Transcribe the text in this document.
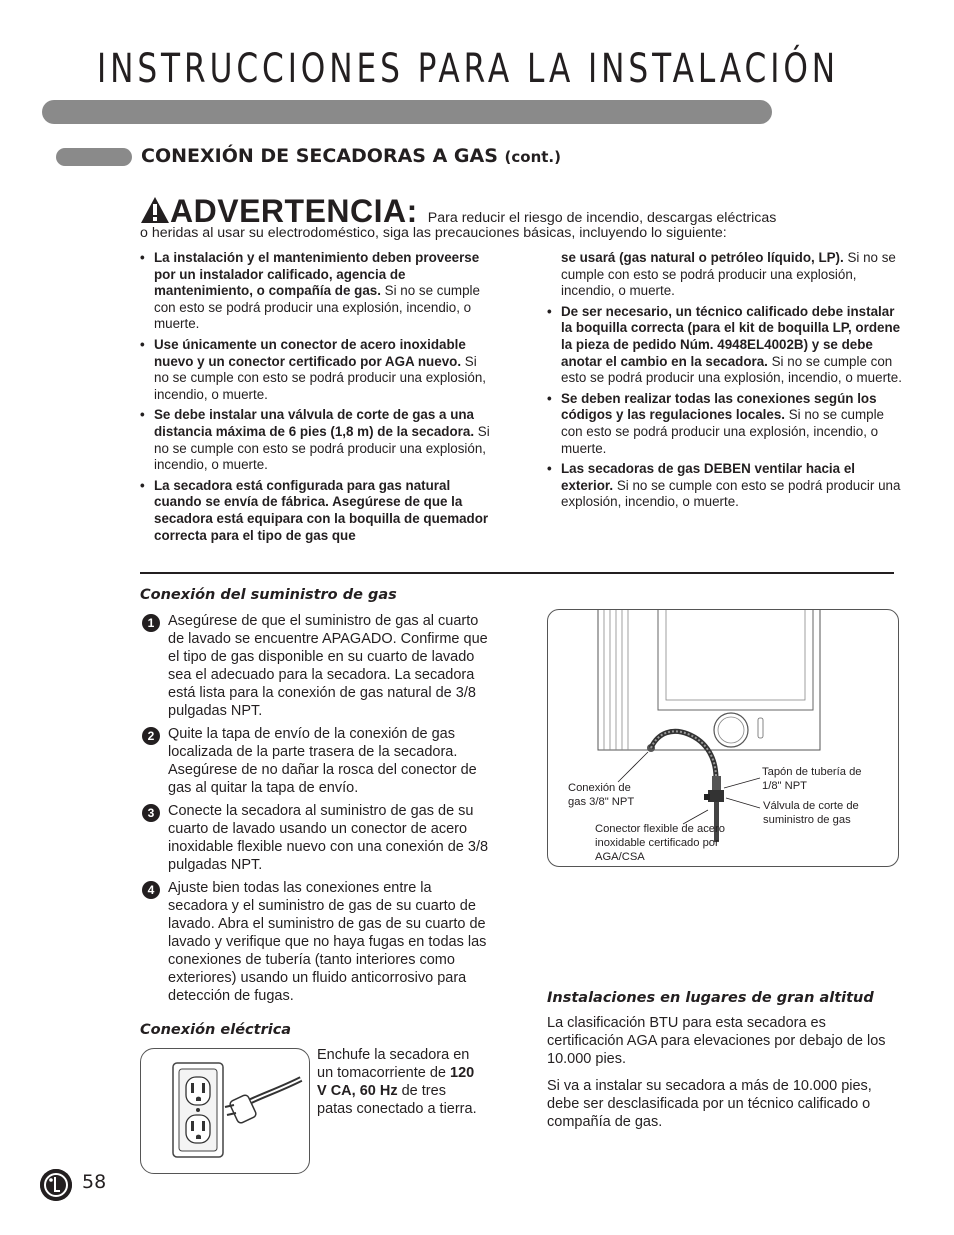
INSTRUCCIONES PARA LA INSTALACIÓN
CONEXIÓN DE SECADORAS A GAS (cont.)
ADVERTENCIA: Para reducir el riesgo de incendio, descargas eléctricas
o heridas al usar su electrodoméstico, siga las precauciones básicas, incluyendo lo siguiente:
• La instalación y el mantenimiento deben proveerse por un instalador calificado, agencia de mantenimiento, o compañía de gas. Si no se cumple con esto se podrá producir una explosión, incendio, o muerte.
• Use únicamente un conector de acero inoxidable nuevo y un conector certificado por AGA nuevo. Si no se cumple con esto se podrá producir una explosión, incendio, o muerte.
• Se debe instalar una válvula de corte de gas a una distancia máxima de 6 pies (1,8 m) de la secadora. Si no se cumple con esto se podrá producir una explosión, incendio, o muerte.
• La secadora está configurada para gas natural cuando se envía de fábrica. Asegúrese de que la secadora está equipara con la boquilla de quemador correcta para el tipo de gas que
se usará (gas natural o petróleo líquido, LP). Si no se cumple con esto se podrá producir una explosión, incendio, o muerte.
• De ser necesario, un técnico calificado debe instalar la boquilla correcta (para el kit de boquilla LP, ordene la pieza de pedido Núm. 4948EL4002B) y se debe anotar el cambio en la secadora. Si no se cumple con esto se podrá producir una explosión, incendio, o muerte.
• Se deben realizar todas las conexiones según los códigos y las regulaciones locales. Si no se cumple con esto se podrá producir una explosión, incendio, o muerte.
• Las secadoras de gas DEBEN ventilar hacia el exterior. Si no se cumple con esto se podrá producir una explosión, incendio, o muerte.
Conexión del suministro de gas
1 Asegúrese de que el suministro de gas al cuarto de lavado se encuentre APAGADO. Confirme que el tipo de gas disponible en su cuarto de lavado sea el adecuado para la secadora. La secadora está lista para la conexión de gas natural de 3/8 pulgadas NPT.
2 Quite la tapa de envío de la conexión de gas localizada de la parte trasera de la secadora. Asegúrese de no dañar la rosca del conector de gas al quitar la tapa de envío.
3 Conecte la secadora al suministro de gas de su cuarto de lavado usando un conector de acero inoxidable flexible nuevo con una conexión de 3/8 pulgadas NPT.
4 Ajuste bien todas las conexiones entre la secadora y el suministro de gas de su cuarto de lavado. Abra el suministro de gas de su cuarto de lavado y verifique que no haya fugas en todas las conexiones de tubería (tanto interiores como exteriores) usando un fluido anticorrosivo para detección de fugas.
Conexión de gas 3/8" NPT
Tapón de tubería de 1/8" NPT
Válvula de corte de suministro de gas
Conector flexible de acero inoxidable certificado por AGA/CSA
Conexión eléctrica
Enchufe la secadora en un tomacorriente de 120 V CA, 60 Hz de tres patas conectado a tierra.
Instalaciones en lugares de gran altitud
La clasificación BTU para esta secadora es certificación AGA para elevaciones por debajo de los 10.000 pies.
Si va a instalar su secadora a más de 10.000 pies, debe ser desclasificada por un técnico calificado o compañía de gas.
58
